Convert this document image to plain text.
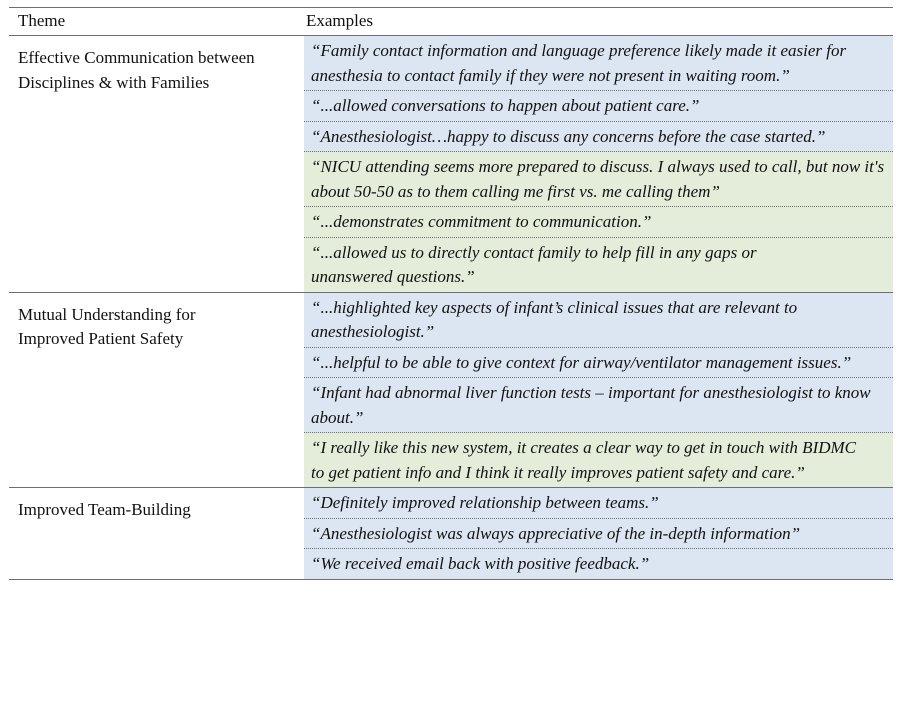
Theme	Examples
Effective Communication between Disciplines & with Families
“Family contact information and language preference likely made it easier for anesthesia to contact family if they were not present in waiting room.”
“...allowed conversations to happen about patient care.”
“Anesthesiologist…happy to discuss any concerns before the case started.”
“NICU attending seems more prepared to discuss. I always used to call, but now it's about 50-50 as to them calling me first vs. me calling them”
“...demonstrates commitment to communication.”
“...allowed us to directly contact family to help fill in any gaps or unanswered questions.”
Mutual Understanding for Improved Patient Safety
“...highlighted key aspects of infant’s clinical issues that are relevant to anesthesiologist.”
“...helpful to be able to give context for airway/ventilator management issues.”
“Infant had abnormal liver function tests – important for anesthesiologist to know about.”
“I really like this new system, it creates a clear way to get in touch with BIDMC to get patient info and I think it really improves patient safety and care.”
Improved Team-Building	“Definitely improved relationship between teams.”
“Anesthesiologist was always appreciative of the in-depth information”
“We received email back with positive feedback.”
